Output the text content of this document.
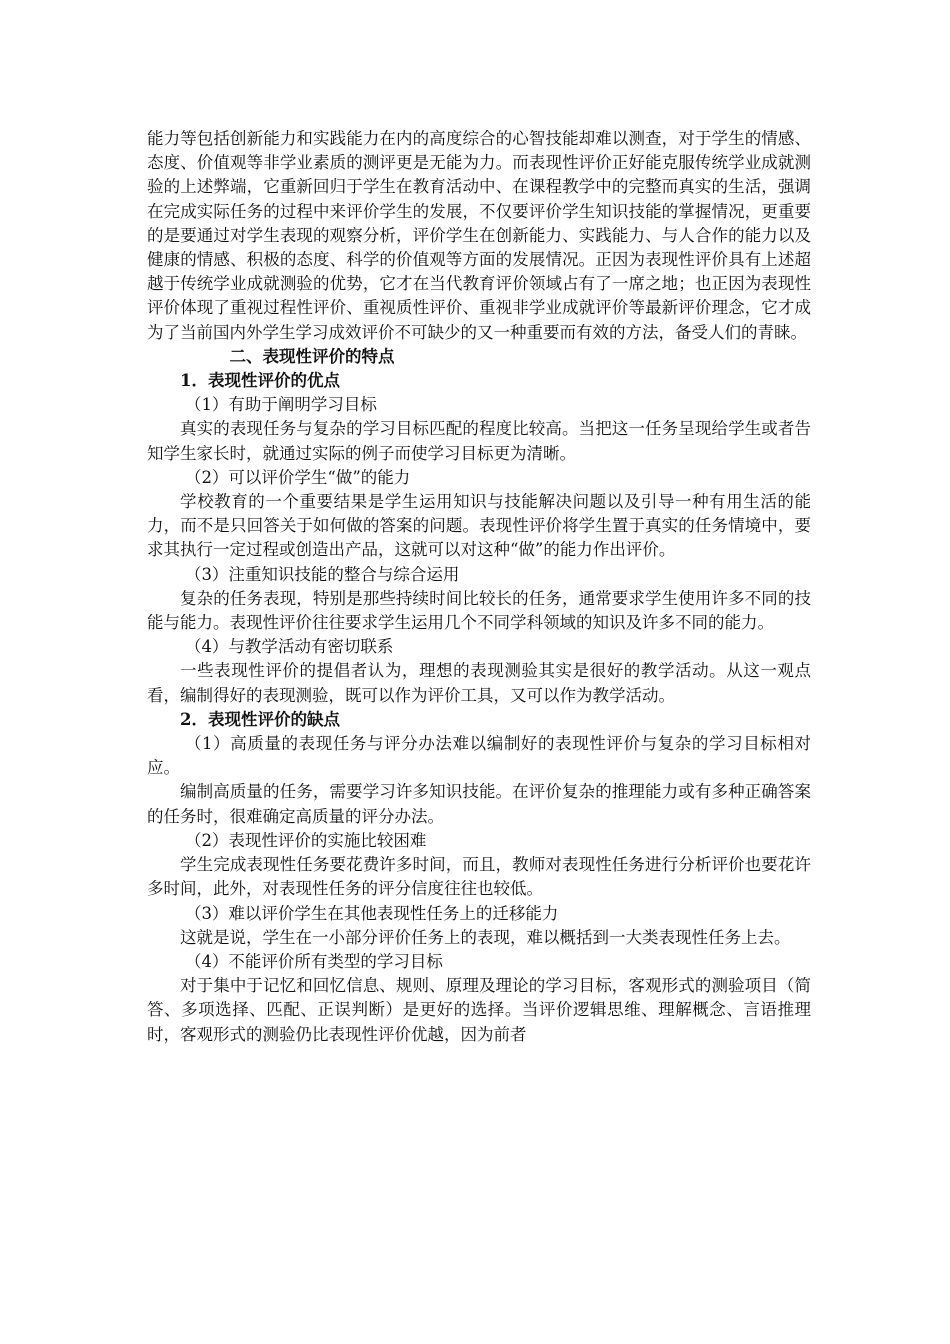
能力等包括创新能力和实践能力在内的高度综合的心智技能却难以测查，对于学生的情感、态度、价值观等非学业素质的测评更是无能为力。而表现性评价正好能克服传统学业成就测验的上述弊端，它重新回归于学生在教育活动中、在课程教学中的完整而真实的生活，强调在完成实际任务的过程中来评价学生的发展，不仅要评价学生知识技能的掌握情况，更重要的是要通过对学生表现的观察分析，评价学生在创新能力、实践能力、与人合作的能力以及健康的情感、积极的态度、科学的价值观等方面的发展情况。正因为表现性评价具有上述超越于传统学业成就测验的优势，它才在当代教育评价领域占有了一席之地；也正因为表现性评价体现了重视过程性评价、重视质性评价、重视非学业成就评价等最新评价理念，它才成为了当前国内外学生学习成效评价不可缺少的又一种重要而有效的方法，备受人们的青睐。

二、表现性评价的特点

1．表现性评价的优点

（1）有助于阐明学习目标

真实的表现任务与复杂的学习目标匹配的程度比较高。当把这一任务呈现给学生或者告知学生家长时，就通过实际的例子而使学习目标更为清晰。

（2）可以评价学生“做”的能力

学校教育的一个重要结果是学生运用知识与技能解决问题以及引导一种有用生活的能力，而不是只回答关于如何做的答案的问题。表现性评价将学生置于真实的任务情境中，要求其执行一定过程或创造出产品，这就可以对这种“做”的能力作出评价。

（3）注重知识技能的整合与综合运用

复杂的任务表现，特别是那些持续时间比较长的任务，通常要求学生使用许多不同的技能与能力。表现性评价往往要求学生运用几个不同学科领域的知识及许多不同的能力。

（4）与教学活动有密切联系

一些表现性评价的提倡者认为，理想的表现测验其实是很好的教学活动。从这一观点看，编制得好的表现测验，既可以作为评价工具，又可以作为教学活动。

2．表现性评价的缺点

（1）高质量的表现任务与评分办法难以编制好的表现性评价与复杂的学习目标相对应。

编制高质量的任务，需要学习许多知识技能。在评价复杂的推理能力或有多种正确答案的任务时，很难确定高质量的评分办法。

（2）表现性评价的实施比较困难

学生完成表现性任务要花费许多时间，而且，教师对表现性任务进行分析评价也要花许多时间，此外，对表现性任务的评分信度往往也较低。

（3）难以评价学生在其他表现性任务上的迁移能力

这就是说，学生在一小部分评价任务上的表现，难以概括到一大类表现性任务上去。

（4）不能评价所有类型的学习目标

对于集中于记忆和回忆信息、规则、原理及理论的学习目标，客观形式的测验项目（简答、多项选择、匹配、正误判断）是更好的选择。当评价逻辑思维、理解概念、言语推理时，客观形式的测验仍比表现性评价优越，因为前者
